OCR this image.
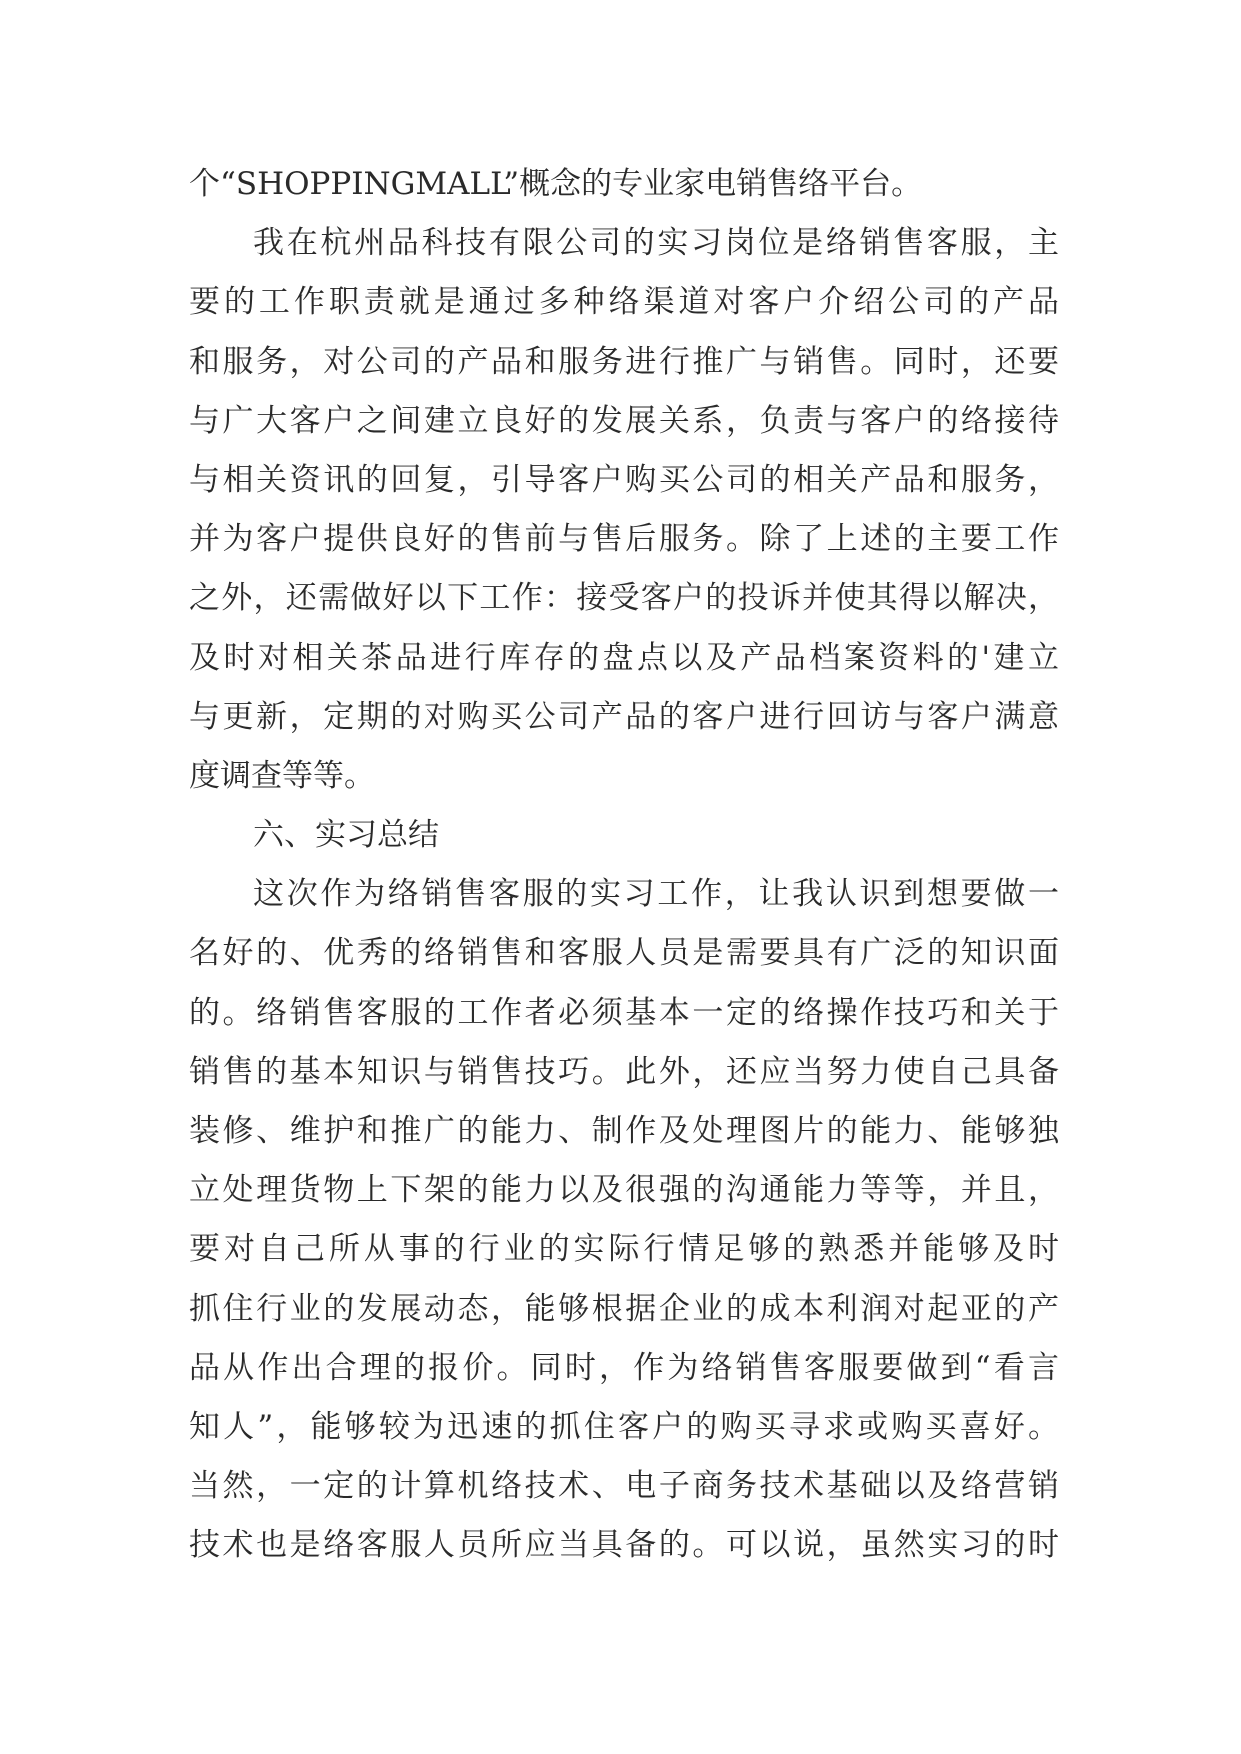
个“SHOPPINGMALL”概念的专业家电销售络平台。
我在杭州品科技有限公司的实习岗位是络销售客服，主
要的工作职责就是通过多种络渠道对客户介绍公司的产品
和服务，对公司的产品和服务进行推广与销售。同时，还要
与广大客户之间建立良好的发展关系，负责与客户的络接待
与相关资讯的回复，引导客户购买公司的相关产品和服务，
并为客户提供良好的售前与售后服务。除了上述的主要工作
之外，还需做好以下工作：接受客户的投诉并使其得以解决，
及时对相关茶品进行库存的盘点以及产品档案资料的'建立
与更新，定期的对购买公司产品的客户进行回访与客户满意
度调查等等。
六、实习总结
这次作为络销售客服的实习工作，让我认识到想要做一
名好的、优秀的络销售和客服人员是需要具有广泛的知识面
的。络销售客服的工作者必须基本一定的络操作技巧和关于
销售的基本知识与销售技巧。此外，还应当努力使自己具备
装修、维护和推广的能力、制作及处理图片的能力、能够独
立处理货物上下架的能力以及很强的沟通能力等等，并且，
要对自己所从事的行业的实际行情足够的熟悉并能够及时
抓住行业的发展动态，能够根据企业的成本利润对起亚的产
品从作出合理的报价。同时，作为络销售客服要做到“看言
知人”，能够较为迅速的抓住客户的购买寻求或购买喜好。
当然，一定的计算机络技术、电子商务技术基础以及络营销
技术也是络客服人员所应当具备的。可以说，虽然实习的时
